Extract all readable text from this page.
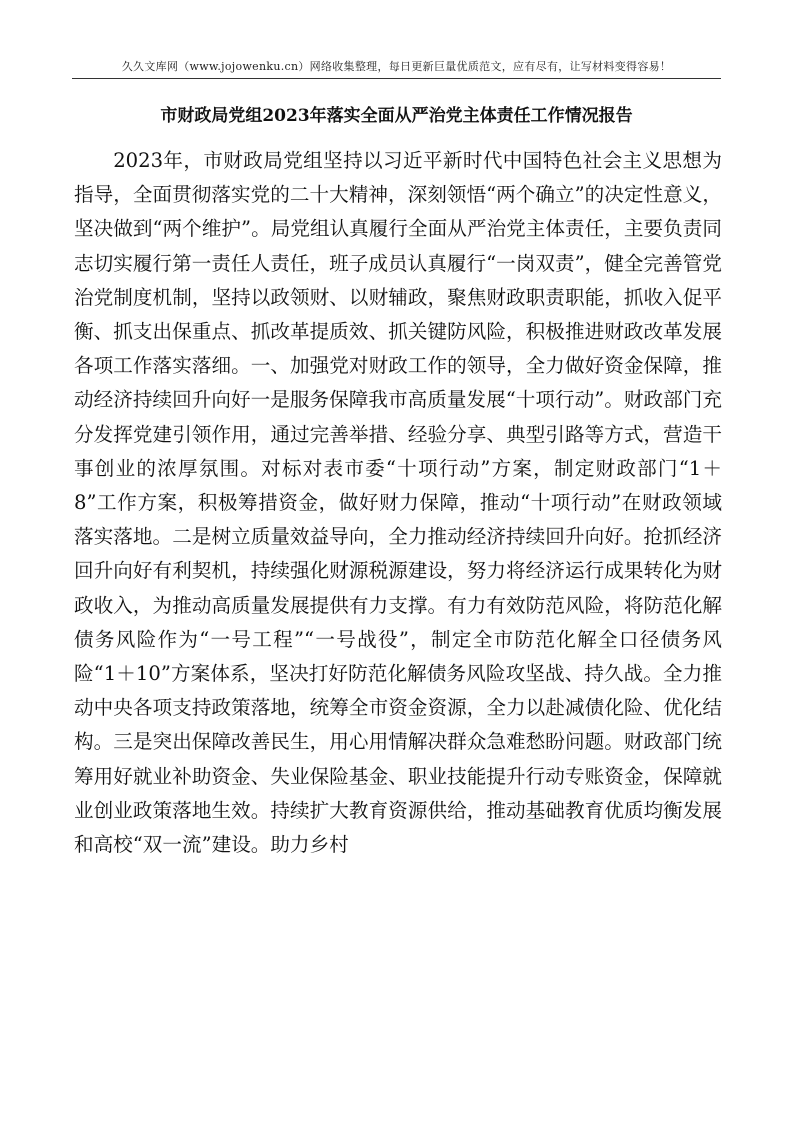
久久文库网（www.jojowenku.cn）网络收集整理，每日更新巨量优质范文，应有尽有，让写材料变得容易！
市财政局党组2023年落实全面从严治党主体责任工作情况报告

2023年，市财政局党组坚持以习近平新时代中国特色社会主义思想为指导，全面贯彻落实党的二十大精神，深刻领悟“两个确立”的决定性意义，坚决做到“两个维护”。局党组认真履行全面从严治党主体责任，主要负责同志切实履行第一责任人责任，班子成员认真履行“一岗双责”，健全完善管党治党制度机制，坚持以政领财、以财辅政，聚焦财政职责职能，抓收入促平衡、抓支出保重点、抓改革提质效、抓关键防风险，积极推进财政改革发展各项工作落实落细。一、加强党对财政工作的领导，全力做好资金保障，推动经济持续回升向好一是服务保障我市高质量发展“十项行动”。财政部门充分发挥党建引领作用，通过完善举措、经验分享、典型引路等方式，营造干事创业的浓厚氛围。对标对表市委“十项行动”方案，制定财政部门“1＋8”工作方案，积极筹措资金，做好财力保障，推动“十项行动”在财政领域落实落地。二是树立质量效益导向，全力推动经济持续回升向好。抢抓经济回升向好有利契机，持续强化财源税源建设，努力将经济运行成果转化为财政收入，为推动高质量发展提供有力支撑。有力有效防范风险，将防范化解债务风险作为“一号工程”“一号战役”，制定全市防范化解全口径债务风险“1＋10”方案体系，坚决打好防范化解债务风险攻坚战、持久战。全力推动中央各项支持政策落地，统筹全市资金资源，全力以赴减债化险、优化结构。三是突出保障改善民生，用心用情解决群众急难愁盼问题。财政部门统筹用好就业补助资金、失业保险基金、职业技能提升行动专账资金，保障就业创业政策落地生效。持续扩大教育资源供给，推动基础教育优质均衡发展和高校“双一流”建设。助力乡村
